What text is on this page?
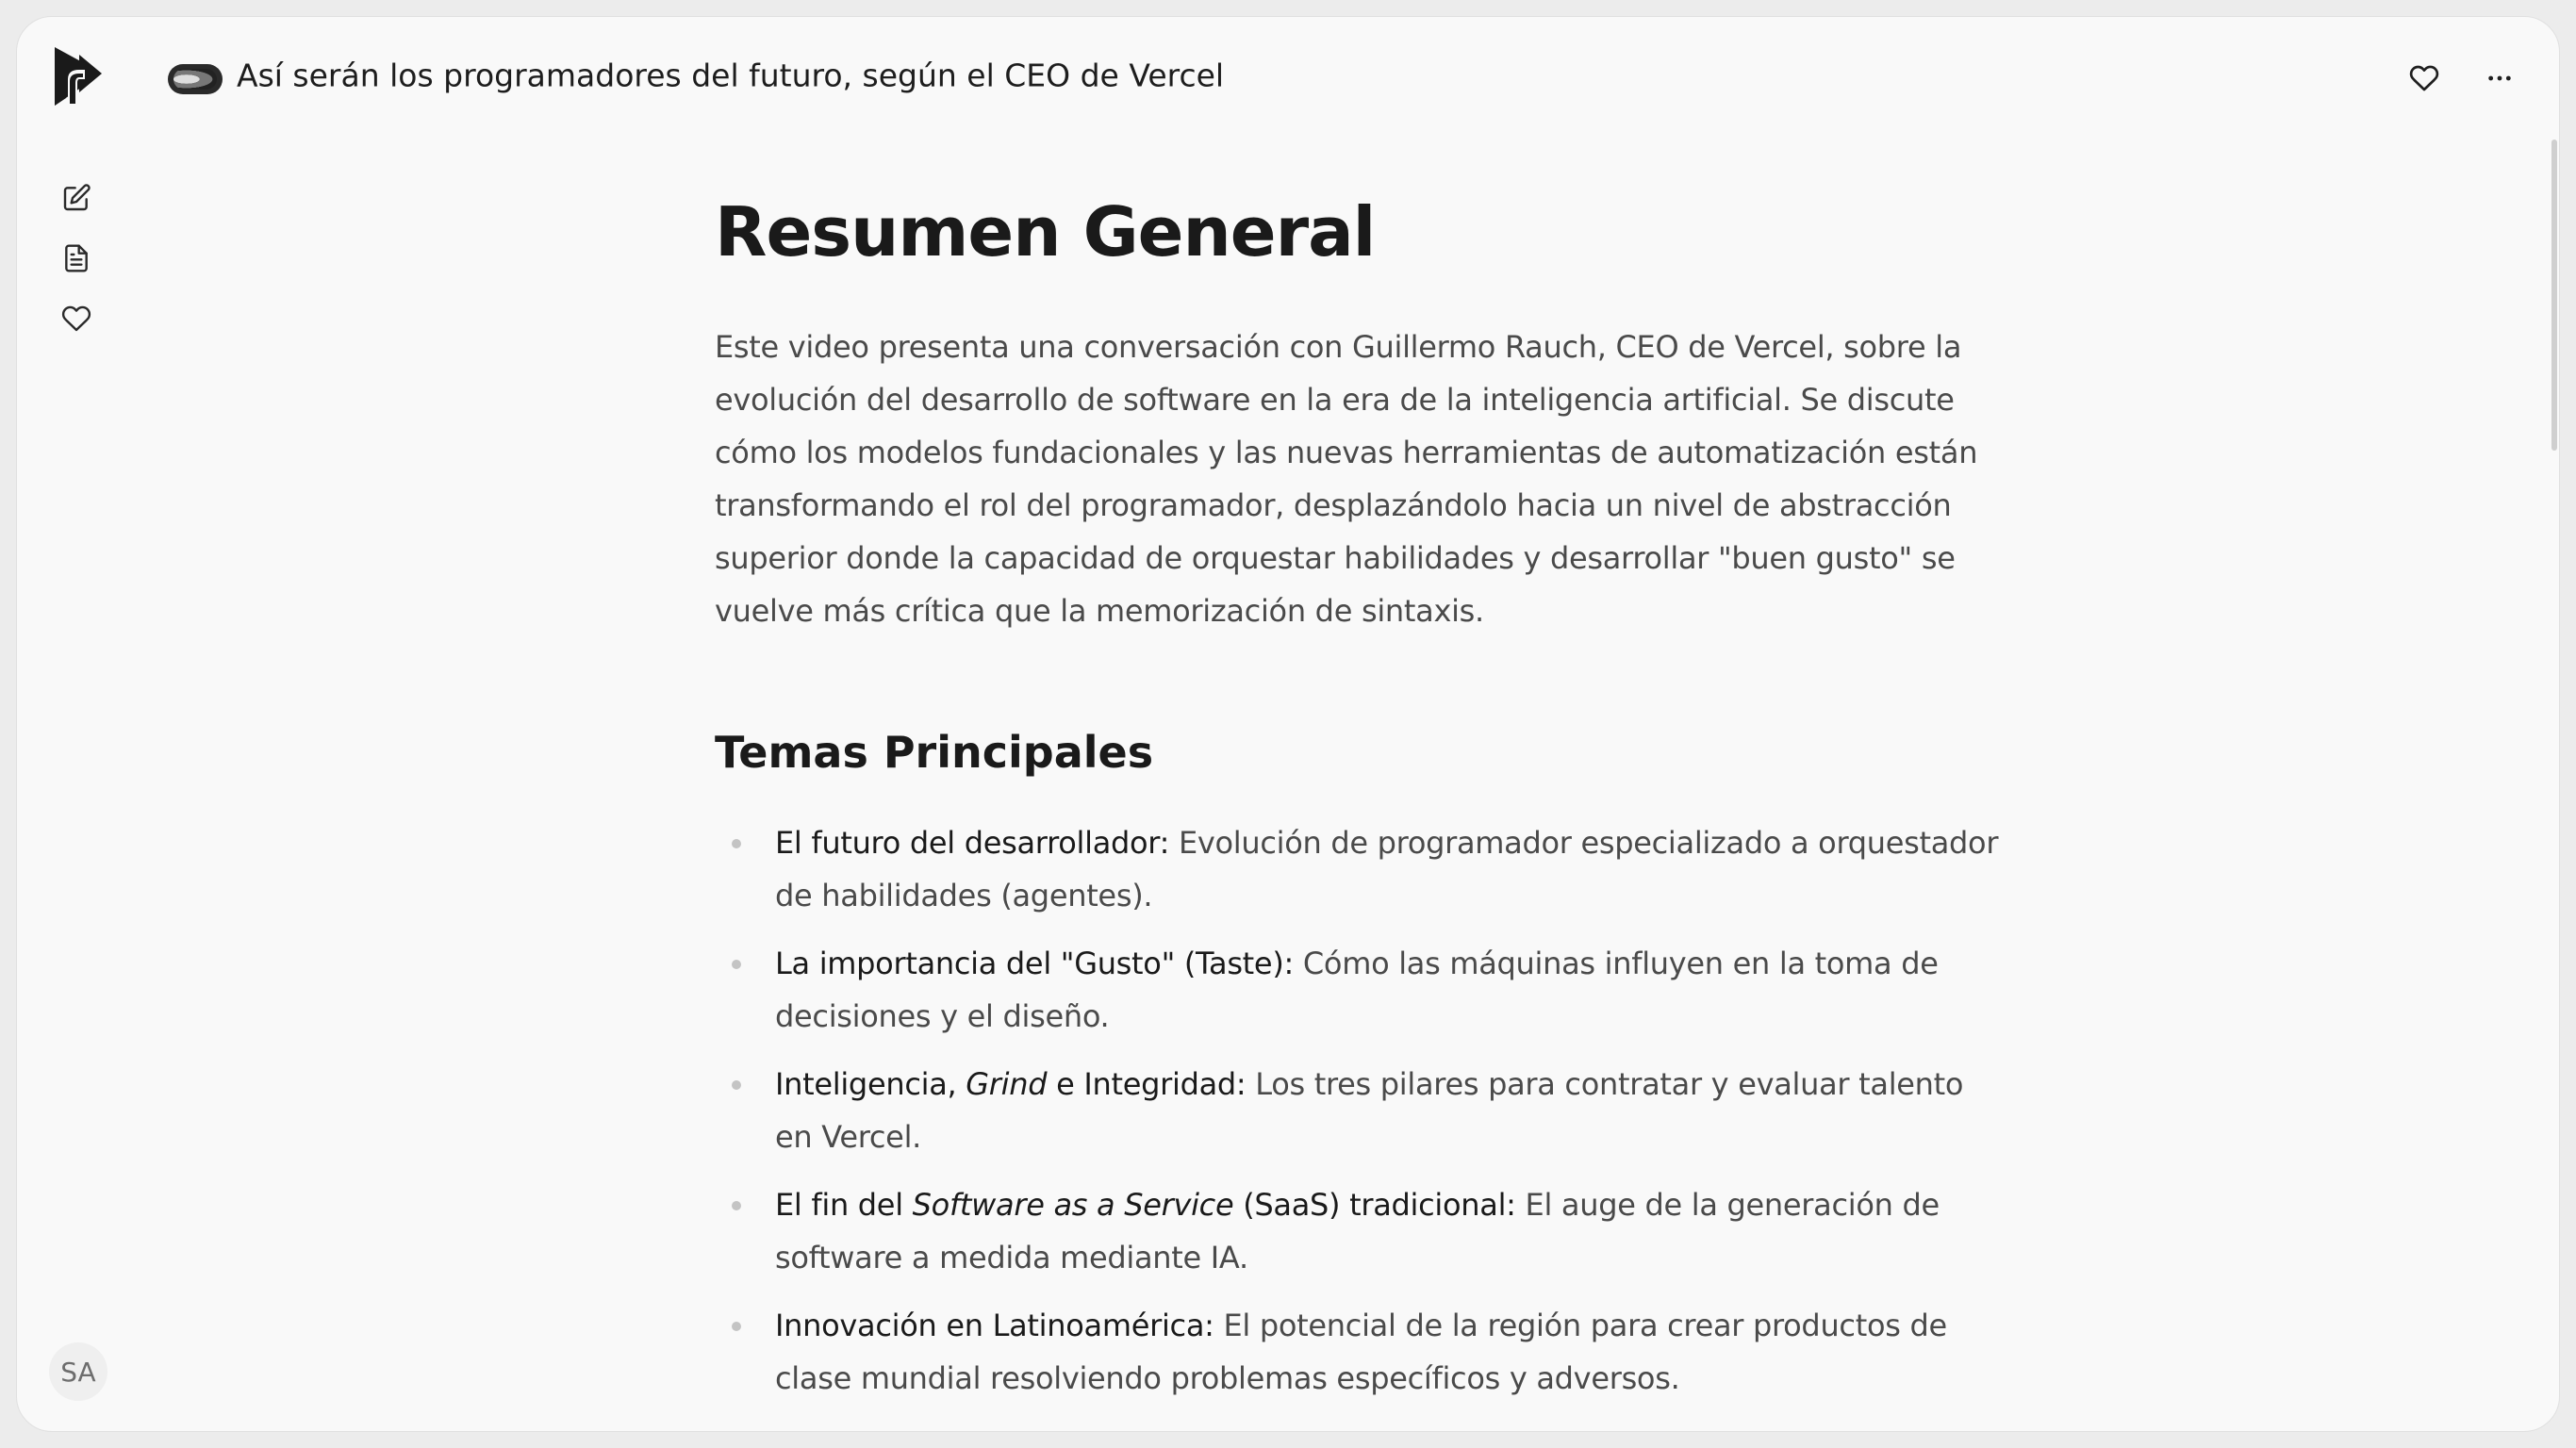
Así serán los programadores del futuro, según el CEO de Vercel
SA
Resumen General

Este video presenta una conversación con Guillermo Rauch, CEO de Vercel, sobre la evolución del desarrollo de software en la era de la inteligencia artificial. Se discute cómo los modelos fundacionales y las nuevas herramientas de automatización están transformando el rol del programador, desplazándolo hacia un nivel de abstracción superior donde la capacidad de orquestar habilidades y desarrollar "buen gusto" se vuelve más crítica que la memorización de sintaxis.

Temas Principales
El futuro del desarrollador: Evolución de programador especializado a orquestador de habilidades (agentes).
La importancia del "Gusto" (Taste): Cómo las máquinas influyen en la toma de decisiones y el diseño.
Inteligencia, Grind e Integridad: Los tres pilares para contratar y evaluar talento en Vercel.
El fin del Software as a Service (SaaS) tradicional: El auge de la generación de software a medida mediante IA.
Innovación en Latinoamérica: El potencial de la región para crear productos de clase mundial resolviendo problemas específicos y adversos.
